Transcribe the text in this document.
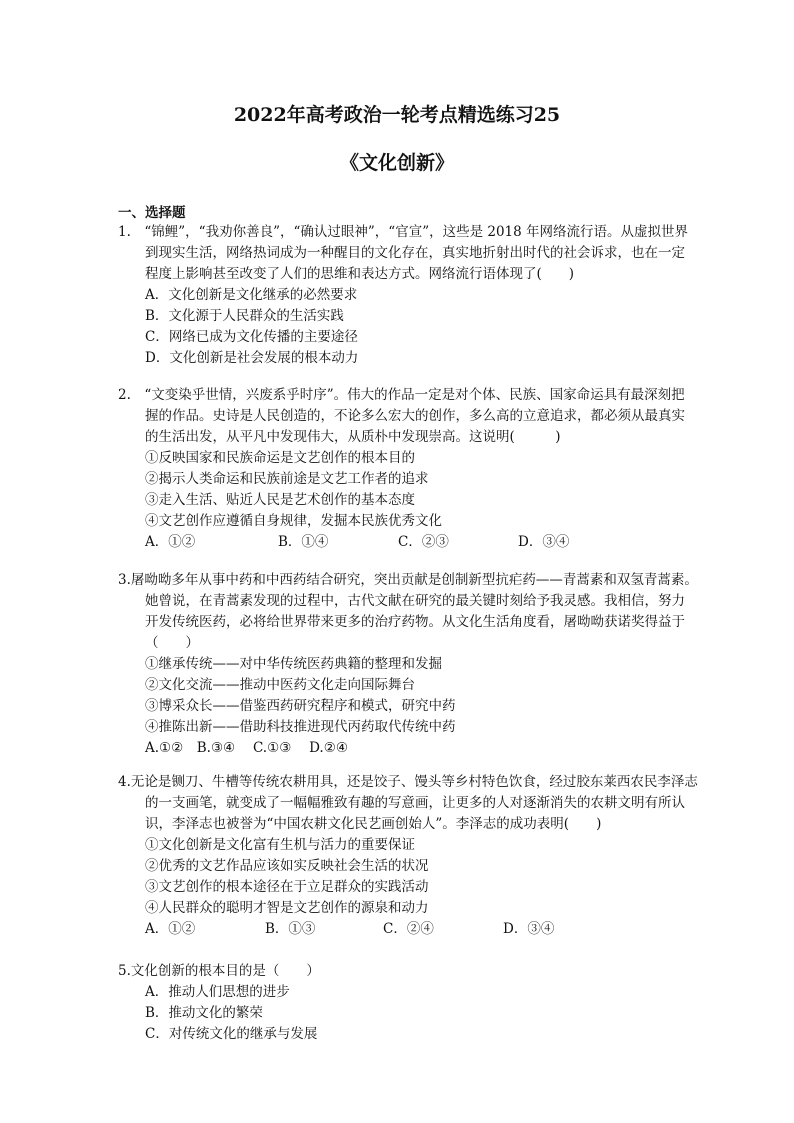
2022年高考政治一轮考点精选练习25
《文化创新》
一、选择题
1.　“锦鲤”，“我劝你善良”，“确认过眼神”，“官宣”，这些是 2018 年网络流行语。从虚拟世界到现实生活，网络热词成为一种醒目的文化存在，真实地折射出时代的社会诉求，也在一定程度上影响甚至改变了人们的思维和表达方式。网络流行语体现了(　　)
A．文化创新是文化继承的必然要求
B．文化源于人民群众的生活实践
C．网络已成为文化传播的主要途径
D．文化创新是社会发展的根本动力
2.　“文变染乎世情，兴废系乎时序”。伟大的作品一定是对个体、民族、国家命运具有最深刻把握的作品。史诗是人民创造的，不论多么宏大的创作，多么高的立意追求，都必须从最真实的生活出发，从平凡中发现伟大，从质朴中发现崇高。这说明(　　　)
①反映国家和民族命运是文艺创作的根本目的
②揭示人类命运和民族前途是文艺工作者的追求
③走入生活、贴近人民是艺术创作的基本态度
④文艺创作应遵循自身规律，发掘本民族优秀文化
A．①②	B．①④	C．②③	D．③④
3.屠呦呦多年从事中药和中西药结合研究，突出贡献是创制新型抗疟药——青蒿素和双氢青蒿素。她曾说，在青蒿素发现的过程中，古代文献在研究的最关键时刻给予我灵感。我相信，努力开发传统医药，必将给世界带来更多的治疗药物。从文化生活角度看，屠呦呦获诺奖得益于（　　）
①继承传统——对中华传统医药典籍的整理和发掘
②文化交流——推动中医药文化走向国际舞台
③博采众长——借鉴西药研究程序和模式，研究中药
④推陈出新——借助科技推进现代丙药取代传统中药
A.①②　B.③④　 C.①③　 D.②④
4.无论是铡刀、牛槽等传统农耕用具，还是饺子、馒头等乡村特色饮食，经过胶东莱西农民李泽志的一支画笔，就变成了一幅幅雅致有趣的写意画，让更多的人对逐渐消失的农耕文明有所认识，李泽志也被誉为“中国农耕文化民艺画创始人”。李泽志的成功表明(　　)
①文化创新是文化富有生机与活力的重要保证
②优秀的文艺作品应该如实反映社会生活的状况
③文艺创作的根本途径在于立足群众的实践活动
④人民群众的聪明才智是文艺创作的源泉和动力
A．①②	B．①③	C．②④	D．③④
5.文化创新的根本目的是（　　）
A．推动人们思想的进步
B．推动文化的繁荣
C．对传统文化的继承与发展
